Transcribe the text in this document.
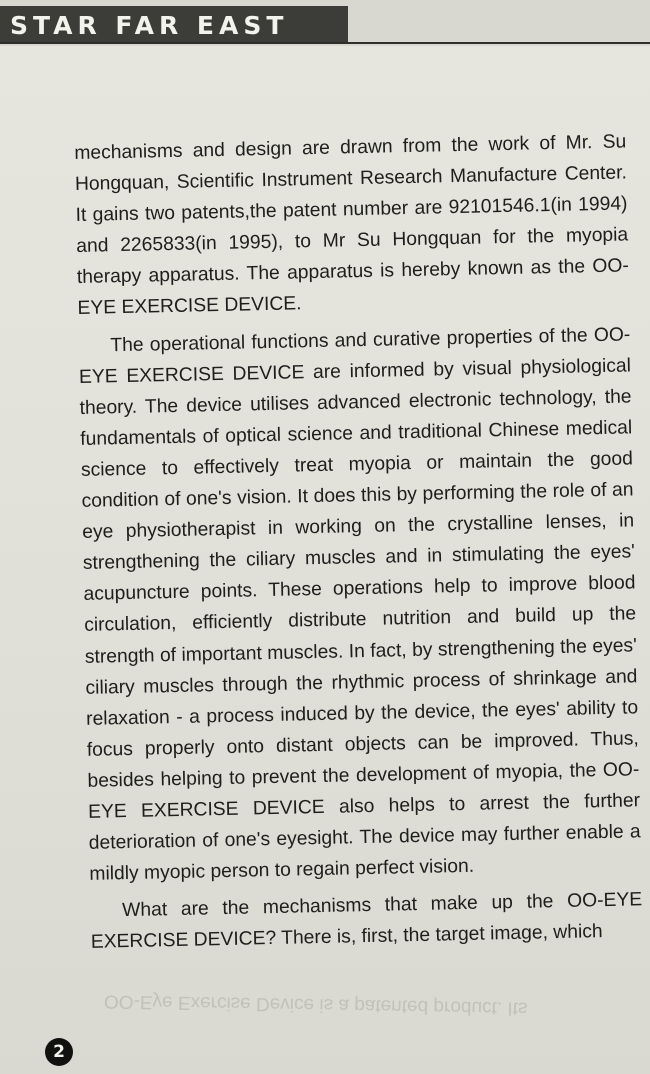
STAR FAR EAST

mechanisms and design are drawn from the work of Mr. Su Hongquan, Scientific Instrument Research Manufacture Center. It gains two patents,the patent number are 92101546.1(in 1994) and 2265833(in 1995), to Mr Su Hongquan for the myopia therapy apparatus. The apparatus is hereby known as the OO-EYE EXERCISE DEVICE.

The operational functions and curative properties of the OO-EYE EXERCISE DEVICE are informed by visual physiological theory. The device utilises advanced electronic technology, the fundamentals of optical science and traditional Chinese medical science to effectively treat myopia or maintain the good condition of one's vision. It does this by performing the role of an eye physiotherapist in working on the crystalline lenses, in strengthening the ciliary muscles and in stimulating the eyes' acupuncture points. These operations help to improve blood circulation, efficiently distribute nutrition and build up the strength of important muscles. In fact, by strengthening the eyes' ciliary muscles through the rhythmic process of shrinkage and relaxation - a process induced by the device, the eyes' ability to focus properly onto distant objects can be improved. Thus, besides helping to prevent the development of myopia, the OO-EYE EXERCISE DEVICE also helps to arrest the further deterioration of one's eyesight. The device may further enable a mildly myopic person to regain perfect vision.

What are the mechanisms that make up the OO-EYE EXERCISE DEVICE? There is, first, the target image, which

OO-Eye Exercise Device is a patented product. Its
2
